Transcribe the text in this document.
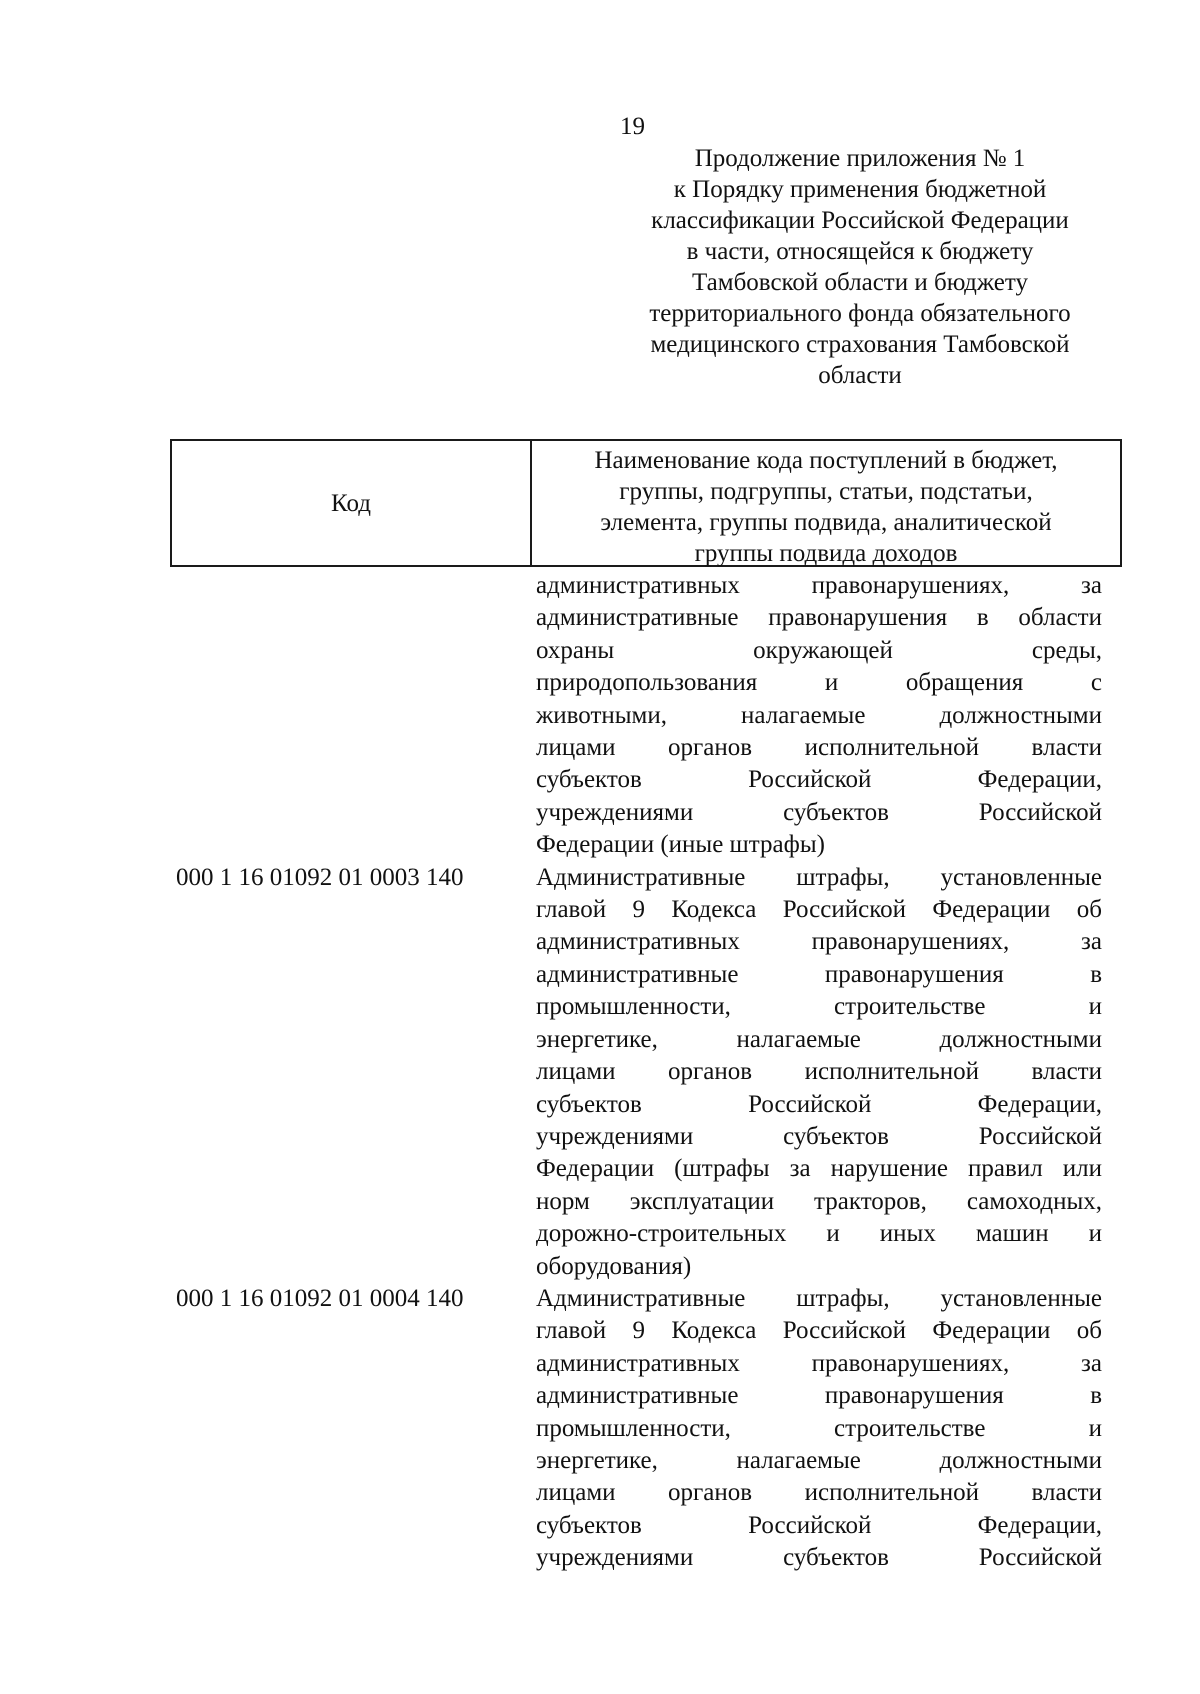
19
Продолжение приложения № 1
к Порядку применения бюджетной
классификации Российской Федерации
в части, относящейся к бюджету
Тамбовской области и бюджету
территориального фонда обязательного
медицинского страхования Тамбовской
области
Код
Наименование кода поступлений в бюджет,
группы, подгруппы, статьи, подстатьи,
элемента, группы подвида, аналитической
группы подвида доходов
административных правонарушениях, за
административные правонарушения в области
охраны окружающей среды,
природопользования и обращения с
животными, налагаемые должностными
лицами органов исполнительной власти
субъектов Российской Федерации,
учреждениями субъектов Российской
Федерации (иные штрафы)
000 1 16 01092 01 0003 140	Административные штрафы, установленные
главой 9 Кодекса Российской Федерации об
административных правонарушениях, за
административные правонарушения в
промышленности, строительстве и
энергетике, налагаемые должностными
лицами органов исполнительной власти
субъектов Российской Федерации,
учреждениями субъектов Российской
Федерации (штрафы за нарушение правил или
норм эксплуатации тракторов, самоходных,
дорожно-строительных и иных машин и
оборудования)
000 1 16 01092 01 0004 140	Административные штрафы, установленные
главой 9 Кодекса Российской Федерации об
административных правонарушениях, за
административные правонарушения в
промышленности, строительстве и
энергетике, налагаемые должностными
лицами органов исполнительной власти
субъектов Российской Федерации,
учреждениями субъектов Российской
